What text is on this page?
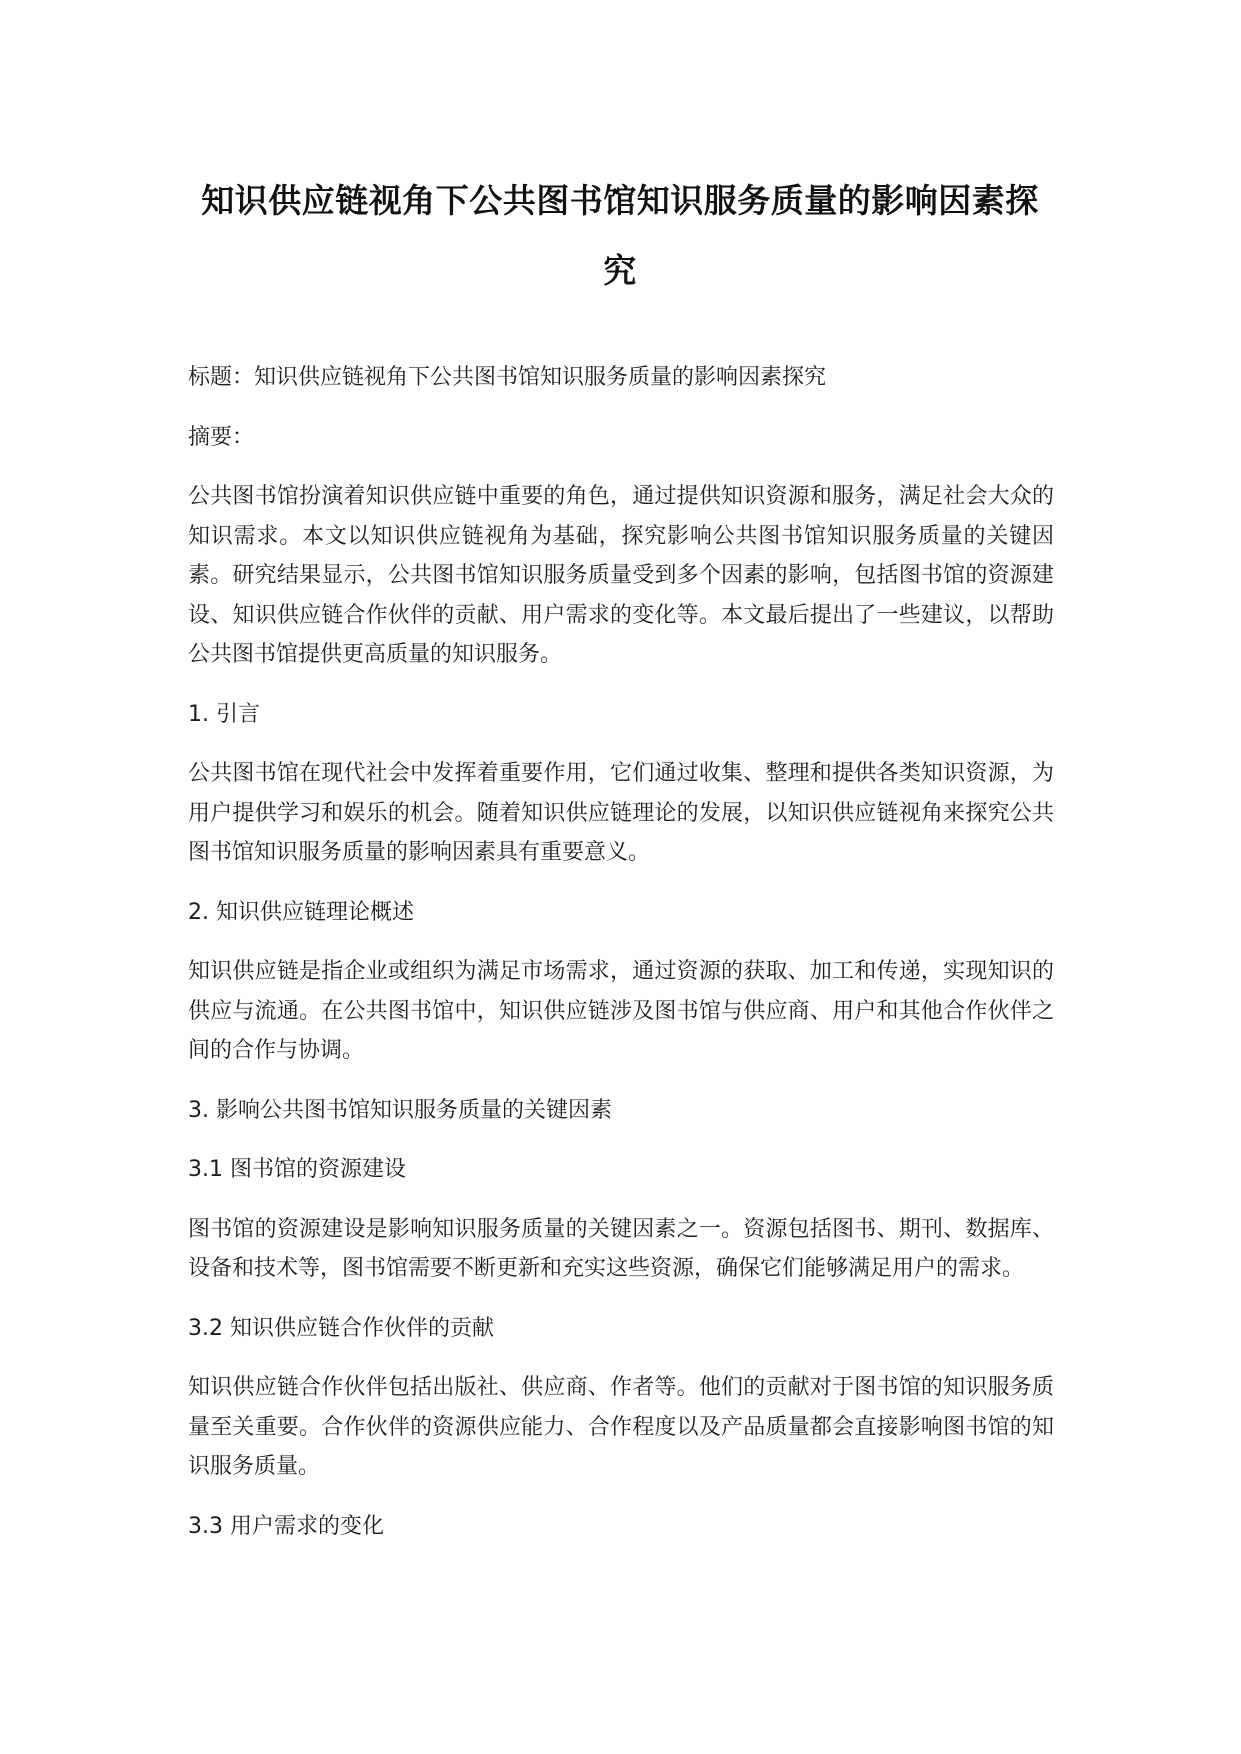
知识供应链视角下公共图书馆知识服务质量的影响因素探
究
标题：知识供应链视角下公共图书馆知识服务质量的影响因素探究
摘要：

公共图书馆扮演着知识供应链中重要的角色，通过提供知识资源和服务，满足社会大众的知识需求。本文以知识供应链视角为基础，探究影响公共图书馆知识服务质量的关键因素。研究结果显示，公共图书馆知识服务质量受到多个因素的影响，包括图书馆的资源建设、知识供应链合作伙伴的贡献、用户需求的变化等。本文最后提出了一些建议，以帮助公共图书馆提供更高质量的知识服务。

1. 引言

公共图书馆在现代社会中发挥着重要作用，它们通过收集、整理和提供各类知识资源，为用户提供学习和娱乐的机会。随着知识供应链理论的发展，以知识供应链视角来探究公共图书馆知识服务质量的影响因素具有重要意义。

2. 知识供应链理论概述

知识供应链是指企业或组织为满足市场需求，通过资源的获取、加工和传递，实现知识的供应与流通。在公共图书馆中，知识供应链涉及图书馆与供应商、用户和其他合作伙伴之间的合作与协调。

3. 影响公共图书馆知识服务质量的关键因素
3.1 图书馆的资源建设

图书馆的资源建设是影响知识服务质量的关键因素之一。资源包括图书、期刊、数据库、设备和技术等，图书馆需要不断更新和充实这些资源，确保它们能够满足用户的需求。

3.2 知识供应链合作伙伴的贡献

知识供应链合作伙伴包括出版社、供应商、作者等。他们的贡献对于图书馆的知识服务质量至关重要。合作伙伴的资源供应能力、合作程度以及产品质量都会直接影响图书馆的知识服务质量。

3.3 用户需求的变化
